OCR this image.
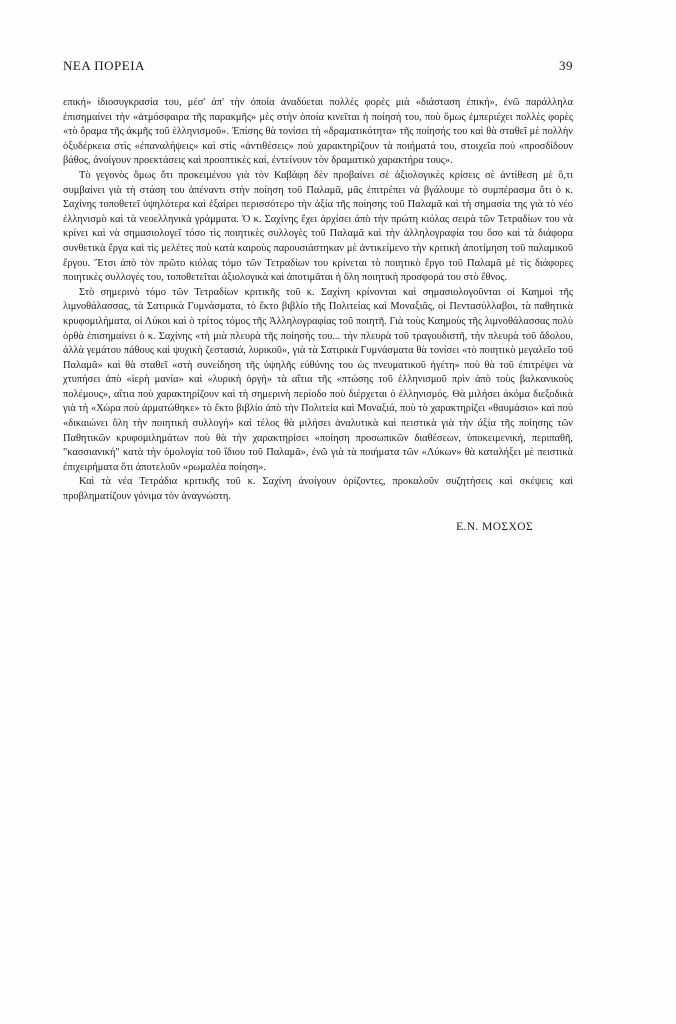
ΝΕΑ ΠΟΡΕΙΑ	39

επική» ἰδιοσυγκρασία του, μέσ' ἀπ' τὴν ὁποία ἀναδύεται πολλὲς φορὲς μιὰ «διάσταση ἐπική», ἐνῶ παράλληλα ἐπισημαίνει τὴν «ἀτμόσφαιρα τῆς παρακμῆς» μὲς στὴν ὁποία κινεῖται ἡ ποίησή του, ποὺ ὅμως ἐμπεριέχει πολλὲς φορὲς «τὸ ὅραμα τῆς ἀκμῆς τοῦ ἑλληνισμοῦ». Ἐπίσης θὰ τονίσει τὴ «δραματικότητα» τῆς ποίησής του καὶ θὰ σταθεῖ μὲ πολλὴν ὀξυδέρκεια στὶς «ἐπαναλήψεις» καὶ στὶς «ἀντιθέσεις» ποὺ χαρακτηρίζουν τὰ ποιήματά του, στοιχεῖα ποὺ «προσδίδουν βάθος, ἀνοίγουν προεκτάσεις καὶ προοπτικὲς καί, ἐντείνουν τὸν δραματικὸ χαρακτήρα τους».

Τὸ γεγονὸς ὅμως ὅτι προκειμένου γιὰ τὸν Καβάφη δὲν προβαίνει σὲ ἀξιολογικὲς κρίσεις σὲ ἀντίθεση μὲ ὅ,τι συμβαίνει γιὰ τὴ στάση του ἀπέναντι στὴν ποίηση τοῦ Παλαμᾶ, μᾶς ἐπιτρέπει νὰ βγάλουμε τὸ συμπέρασμα ὅτι ὁ κ. Σαχίνης τοποθετεῖ ὑψηλότερα καὶ ἐξαίρει περισσότερο τὴν ἀξία τῆς ποίησης τοῦ Παλαμᾶ καὶ τὴ σημασία της γιὰ τὸ νέο ἑλληνισμὸ καὶ τὰ νεοελληνικὰ γράμματα. Ὁ κ. Σαχίνης ἔχει ἀρχίσει ἀπὸ τὴν πρώτη κιόλας σειρὰ τῶν Τετραδίων του νὰ κρίνει καὶ νὰ σημασιολογεῖ τόσο τὶς ποιητικὲς συλλογὲς τοῦ Παλαμᾶ καὶ τὴν ἀλληλογραφία του ὅσο καὶ τὰ διάφορα συνθετικὰ ἔργα καὶ τὶς μελέτες ποὺ κατὰ καιροὺς παρουσιάστηκαν μὲ ἀντικείμενο τὴν κριτικὴ ἀποτίμηση τοῦ παλαμικοῦ ἔργου. Ἔτσι ἀπὸ τὸν πρῶτο κιόλας τόμο τῶν Τετραδίων του κρίνεται τὸ ποιητικὸ ἔργο τοῦ Παλαμᾶ μὲ τὶς διάφορες ποιητικὲς συλλογές του, τοποθετεῖται ἀξιολογικὰ καὶ ἀποτιμᾶται ἡ ὅλη ποιητικὴ προσφορά του στὸ ἔθνος.

Στὸ σημερινὸ τόμο τῶν Τετραδίων κριτικῆς τοῦ κ. Σαχίνη κρίνονται καὶ σημασιολογοῦνται οἱ Καημοὶ τῆς λιμνοθάλασσας, τὰ Σατιρικὰ Γυμνάσματα, τὸ ἕκτο βιβλίο τῆς Πολιτείας καὶ Μοναξιᾶς, οἱ Πεντασύλλαβοι, τὰ παθητικὰ κρυφομιλήματα, οἱ Λύκοι καὶ ὁ τρίτος τόμος τῆς Ἀλληλογραφίας τοῦ ποιητῆ. Γιὰ τοὺς Καημοὺς τῆς λιμνοθάλασσας πολὺ ὀρθὰ ἐπισημαίνει ὁ κ. Σαχίνης «τὴ μιὰ πλευρὰ τῆς ποίησής του... τὴν πλευρὰ τοῦ τραγουδιστῆ, τὴν πλευρὰ τοῦ ἄδολου, ἀλλὰ γεμάτου πάθους καὶ ψυχικὴ ζεστασιά, λυρικοῦ», γιὰ τὰ Σατιρικὰ Γυμνάσματα θὰ τονίσει «τὸ ποιητικὸ μεγαλεῖο τοῦ Παλαμᾶ» καὶ θὰ σταθεῖ «στὴ συνείδηση τῆς ὑψηλῆς εὐθύνης του ὡς πνευματικοῦ ἡγέτη» ποὺ θὰ τοῦ ἐπιτρέψει νὰ χτυπήσει ἀπὸ «ἱερὴ μανία» καὶ «λυρικὴ ὀργὴ» τὰ αἴτια τῆς «πτώσης τοῦ ἑλληνισμοῦ πρὶν ἀπὸ τοὺς βαλκανικοὺς πολέμους», αἴτια ποὺ χαρακτηρίζουν καὶ τὴ σημερινὴ περίοδο ποὺ διέρχεται ὁ ἑλληνισμός. Θὰ μιλήσει ἀκόμα διεξοδικὰ γιὰ τὴ «Χώρα ποὺ ἀρματώθηκε» τὸ ἕκτο βιβλίο ἀπὸ τὴν Πολιτεία καὶ Μοναξιά, ποὺ τὸ χαρακτηρίζει «θαυμάσιο» καὶ ποὺ «δικαιώνει ὅλη τὴν ποιητικὴ συλλογή» καὶ τέλος θὰ μιλήσει ἀναλυτικὰ καὶ πειστικὰ γιὰ τὴν ἀξία τῆς ποίησης τῶν Παθητικῶν κρυφομιλημάτων ποὺ θὰ τὴν χαρακτηρίσει «ποίηση προσωπικῶν διαθέσεων, ὑποκειμενική, περιπαθῆ, "κασσιανική" κατὰ τὴν ὁμολογία τοῦ ἴδιου τοῦ Παλαμᾶ», ἐνῶ γιὰ τὰ ποιήματα τῶν «Λύκων» θὰ καταλήξει μὲ πειστικὰ ἐπιχειρήματα ὅτι ἀποτελοῦν «ρωμαλέα ποίηση».

Καὶ τὰ νέα Τετράδια κριτικῆς τοῦ κ. Σαχίνη ἀνοίγουν ὁρίζοντες, προκαλοῦν συζητήσεις καὶ σκέψεις καὶ προβληματίζουν γόνιμα τὸν ἀναγνώστη.

Ε.Ν. ΜΟΣΧΟΣ
